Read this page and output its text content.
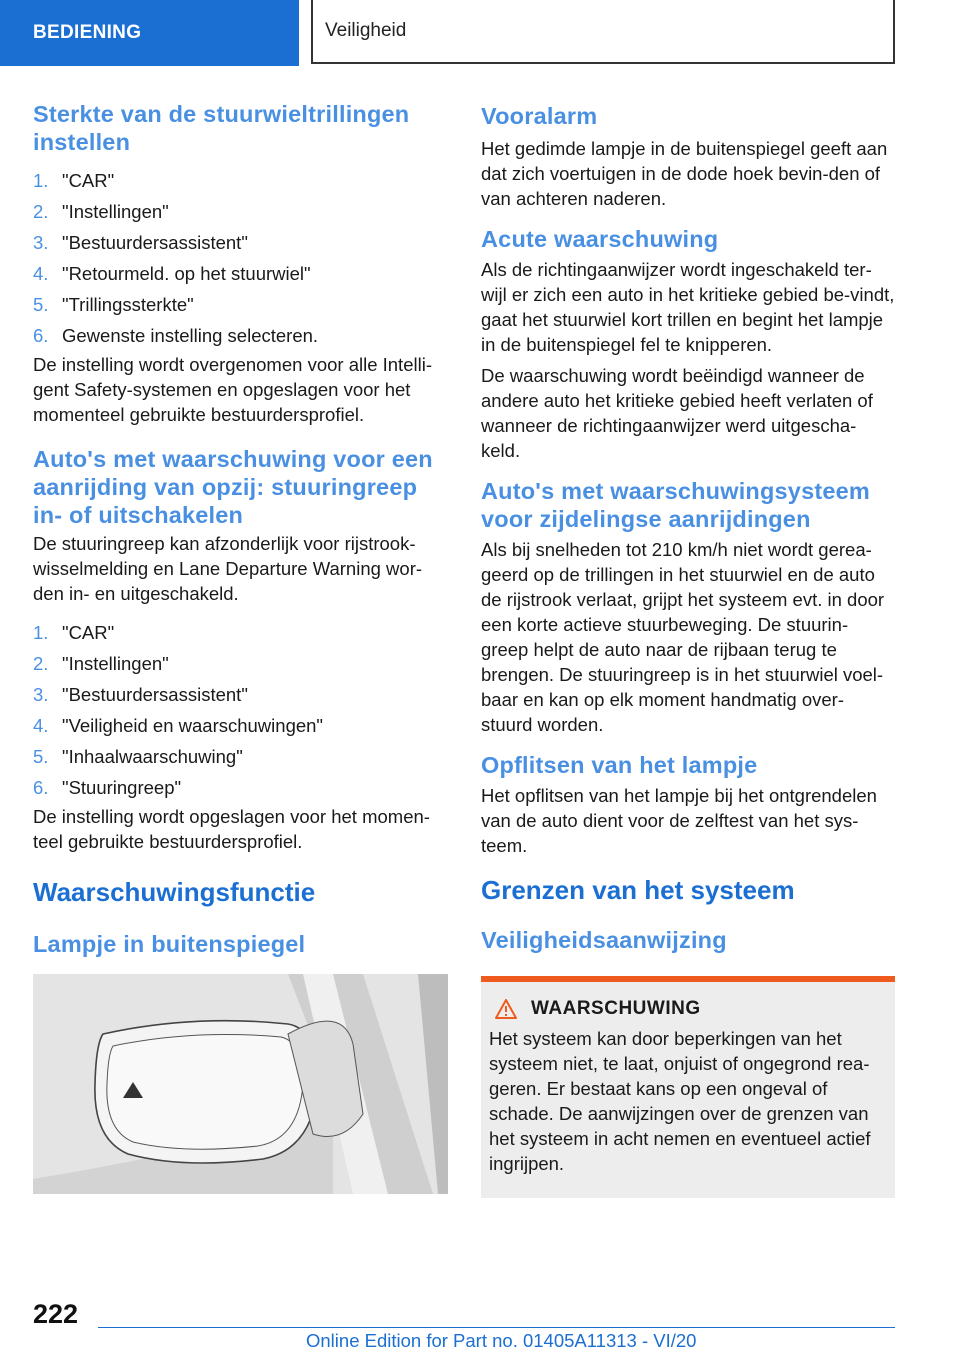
BEDIENING	Veiligheid
Sterkte van de stuurwieltrillingen instellen
1. "CAR"
2. "Instellingen"
3. "Bestuurdersassistent"
4. "Retourmeld. op het stuurwiel"
5. "Trillingssterkte"
6. Gewenste instelling selecteren.

De instelling wordt overgenomen voor alle Intelli-gent Safety-systemen en opgeslagen voor het momenteel gebruikte bestuurdersprofiel.

Auto's met waarschuwing voor een aanrijding van opzij: stuuringreep in- of uitschakelen

De stuuringreep kan afzonderlijk voor rijstrook-wisselmelding en Lane Departure Warning wor-den in- en uitgeschakeld.

1. "CAR"
2. "Instellingen"
3. "Bestuurdersassistent"
4. "Veiligheid en waarschuwingen"
5. "Inhaalwaarschuwing"
6. "Stuuringreep"

De instelling wordt opgeslagen voor het momen-teel gebruikte bestuurdersprofiel.

Waarschuwingsfunctie
Lampje in buitenspiegel
Vooralarm

Het gedimde lampje in de buitenspiegel geeft aan dat zich voertuigen in de dode hoek bevin-den of van achteren naderen.

Acute waarschuwing

Als de richtingaanwijzer wordt ingeschakeld ter-wijl er zich een auto in het kritieke gebied be-vindt, gaat het stuurwiel kort trillen en begint het lampje in de buitenspiegel fel te knipperen.

De waarschuwing wordt beëindigd wanneer de andere auto het kritieke gebied heeft verlaten of wanneer de richtingaanwijzer werd uitgescha-keld.

Auto's met waarschuwingsysteem voor zijdelingse aanrijdingen

Als bij snelheden tot 210 km/h niet wordt gerea-geerd op de trillingen in het stuurwiel en de auto de rijstrook verlaat, grijpt het systeem evt. in door een korte actieve stuurbeweging. De stuurin-greep helpt de auto naar de rijbaan terug te brengen. De stuuringreep is in het stuurwiel voel-baar en kan op elk moment handmatig over-stuurd worden.

Opflitsen van het lampje

Het opflitsen van het lampje bij het ontgrendelen van de auto dient voor de zelftest van het sys-teem.

Grenzen van het systeem
Veiligheidsaanwijzing
WAARSCHUWING

Het systeem kan door beperkingen van het systeem niet, te laat, onjuist of ongegrond rea-geren. Er bestaat kans op een ongeval of schade. De aanwijzingen over de grenzen van het systeem in acht nemen en eventueel actief ingrijpen.

222
Online Edition for Part no. 01405A11313 - VI/20
